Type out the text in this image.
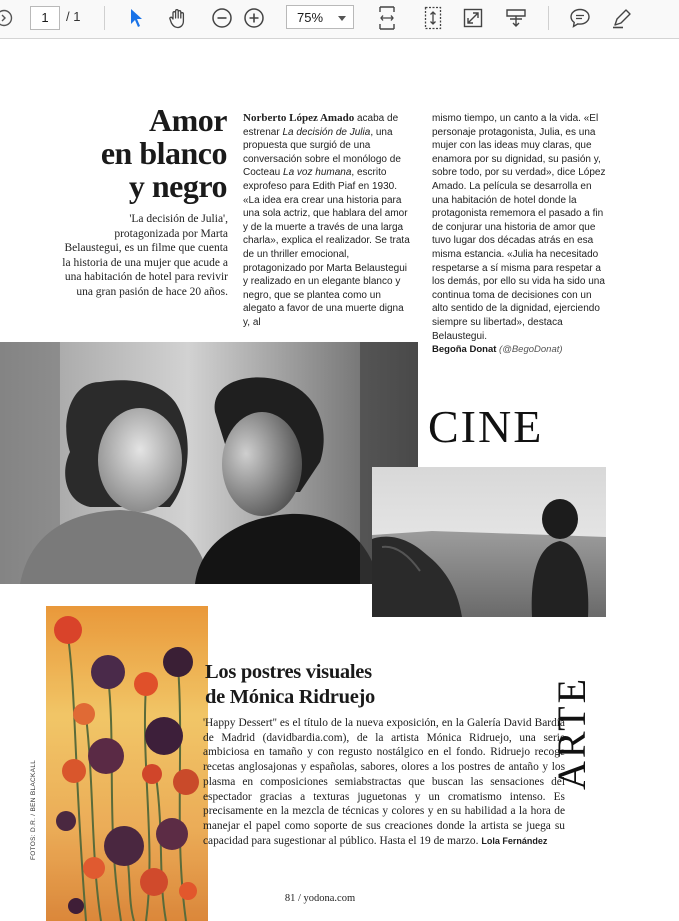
1	/ 1	75%
Amor
en blanco
y negro
'La decisión de Julia', protagonizada por Marta Belaustegui, es un filme que cuenta la historia de una mujer que acude a una habitación de hotel para revivir una gran pasión de hace 20 años.
Norberto López Amado acaba de estrenar La decisión de Julia, una propuesta que surgió de una conversación sobre el monólogo de Cocteau La voz humana, escrito exprofeso para Edith Piaf en 1930. «La idea era crear una historia para una sola actriz, que hablara del amor y de la muerte a través de una larga charla», explica el realizador. Se trata de un thriller emocional, protagonizado por Marta Belaustegui y realizado en un elegante blanco y negro, que se plantea como un alegato a favor de una muerte digna y, al
mismo tiempo, un canto a la vida. «El personaje protagonista, Julia, es una mujer con las ideas muy claras, que enamora por su dignidad, su pasión y, sobre todo, por su verdad», dice López Amado. La película se desarrolla en una habitación de hotel donde la protagonista rememora el pasado a fin de conjurar una historia de amor que tuvo lugar dos décadas atrás en esa misma estancia. «Julia ha necesitado respetarse a sí misma para respetar a los demás, por ello su vida ha sido una continua toma de decisiones con un alto sentido de la dignidad, ejerciendo siempre su libertad», destaca Belaustegui.
Begoña Donat (@BegoDonat)
CINE
FOTOS: D.R. / BEN BLACKALL
Los postres visuales
de Mónica Ridruejo
'Happy Dessert'' es el título de la nueva exposición, en la Galería David Bardía de Madrid (davidbardia.com), de la artista Mónica Ridruejo, una serie ambiciosa en tamaño y con regusto nostálgico en el fondo. Ridruejo recoge recetas anglosajonas y españolas, sabores, olores a los postres de antaño y los plasma en composiciones semiabstractas que buscan las sensaciones del espectador gracias a texturas juguetonas y un cromatismo intenso. Es precisamente en la mezcla de técnicas y colores y en su habilidad a la hora de manejar el papel como soporte de sus creaciones donde la artista se juega su capacidad para sugestionar al público. Hasta el 19 de marzo. Lola Fernández
ARTE
81 / yodona.com
